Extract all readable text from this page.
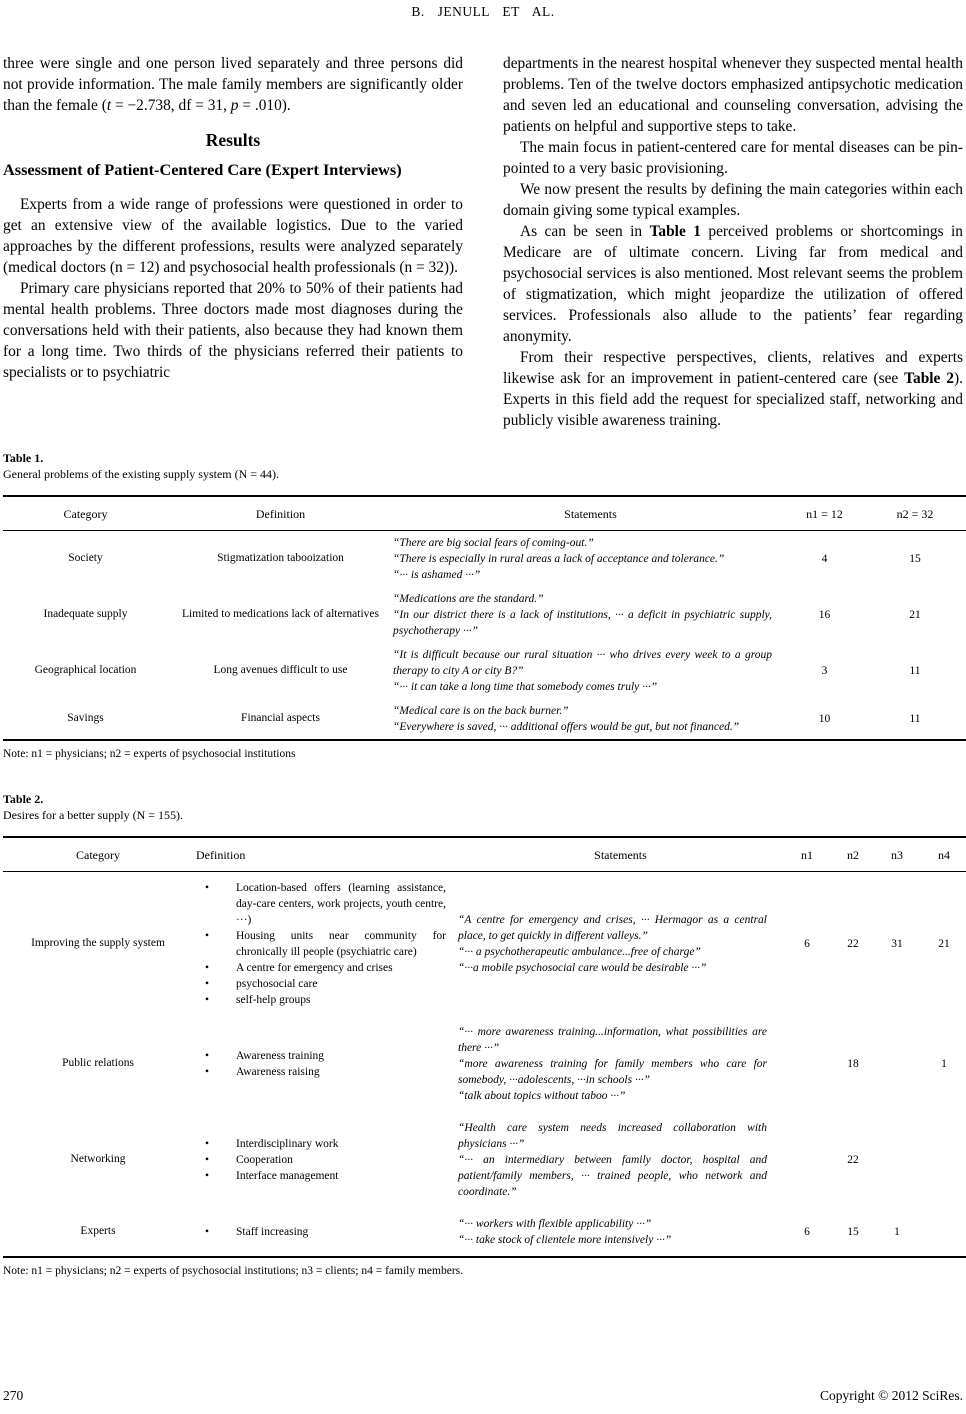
B. JENULL ET AL.

three were single and one person lived separately and three persons did not provide information. The male family members are significantly older than the female (t = −2.738, df = 31, p = .010).

Results
Assessment of Patient-Centered Care (Expert Interviews)

Experts from a wide range of professions were questioned in order to get an extensive view of the available logistics. Due to the varied approaches by the different professions, results were analyzed separately (medical doctors (n = 12) and psychosocial health professionals (n = 32)).

Primary care physicians reported that 20% to 50% of their patients had mental health problems. Three doctors made most diagnoses during the conversations held with their patients, also because they had known them for a long time. Two thirds of the physicians referred their patients to specialists or to psychiatric

departments in the nearest hospital whenever they suspected mental health problems. Ten of the twelve doctors emphasized antipsychotic medication and seven led an educational and counseling conversation, advising the patients on helpful and supportive steps to take.

The main focus in patient-centered care for mental diseases can be pin-pointed to a very basic provisioning.

We now present the results by defining the main categories within each domain giving some typical examples.

As can be seen in Table 1 perceived problems or shortcomings in Medicare are of ultimate concern. Living far from medical and psychosocial services is also mentioned. Most relevant seems the problem of stigmatization, which might jeopardize the utilization of offered services. Professionals also allude to the patients’ fear regarding anonymity.

From their respective perspectives, clients, relatives and experts likewise ask for an improvement in patient-centered care (see Table 2). Experts in this field add the request for specialized staff, networking and publicly visible awareness training.

Table 1.
General problems of the existing supply system (N = 44).
Category	Definition	Statements	n1 = 12	n2 = 32
Society	Stigmatization tabooization	“There are big social fears of coming-out.”
“There is especially in rural areas a lack of acceptance and tolerance.”
“··· is ashamed ···”	4	15
Inadequate supply	Limited to medications lack of alternatives	“Medications are the standard.”
“In our district there is a lack of institutions, ··· a deficit in psychiatric supply, psychotherapy ···”	16	21
Geographical location	Long avenues difficult to use	“It is difficult because our rural situation ··· who drives every week to a group therapy to city A or city B?”
“··· it can take a long time that somebody comes truly ···”	3	11
Savings	Financial aspects	“Medical care is on the back burner.”
“Everywhere is saved, ··· additional offers would be gut, but not financed.”	10	11
Note: n1 = physicians; n2 = experts of psychosocial institutions
Table 2.
Desires for a better supply (N = 155).
Category	Definition	Statements	n1	n2	n3	n4
Improving the supply system	
• Location-based offers (learning assistance, day-care centers, work projects, youth centre, ···)
• Housing units near community for chronically ill people (psychiatric care)
• A centre for emergency and crises
• psychosocial care
• self-help groups

“A centre for emergency and crises, ··· Hermagor as a central place, to get quickly in different valleys.”
“··· a psychotherapeutic ambulance...free of charge”
“···a mobile psychosocial care would be desirable ···”
	6	22	31	21
Public relations	
• Awareness training
• Awareness raising

“··· more awareness training...information, what possibilities are there ···”
“more awareness training for family members who care for somebody, ···adolescents, ···in schools ···”
“talk about topics without taboo ···”
		18		1
Networking	
• Interdisciplinary work
• Cooperation
• Interface management

“Health care system needs increased collaboration with physicians ···”
“··· an intermediary between family doctor, hospital and patient/family members, ··· trained people, who network and coordinate.”
		22		
Experts	
•Staff increasing

“··· workers with flexible applicability ···”
“··· take stock of clientele more intensively ···”
	6	15	1	
Note: n1 = physicians; n2 = experts of psychosocial institutions; n3 = clients; n4 = family members.
270	Copyright © 2012 SciRes.
